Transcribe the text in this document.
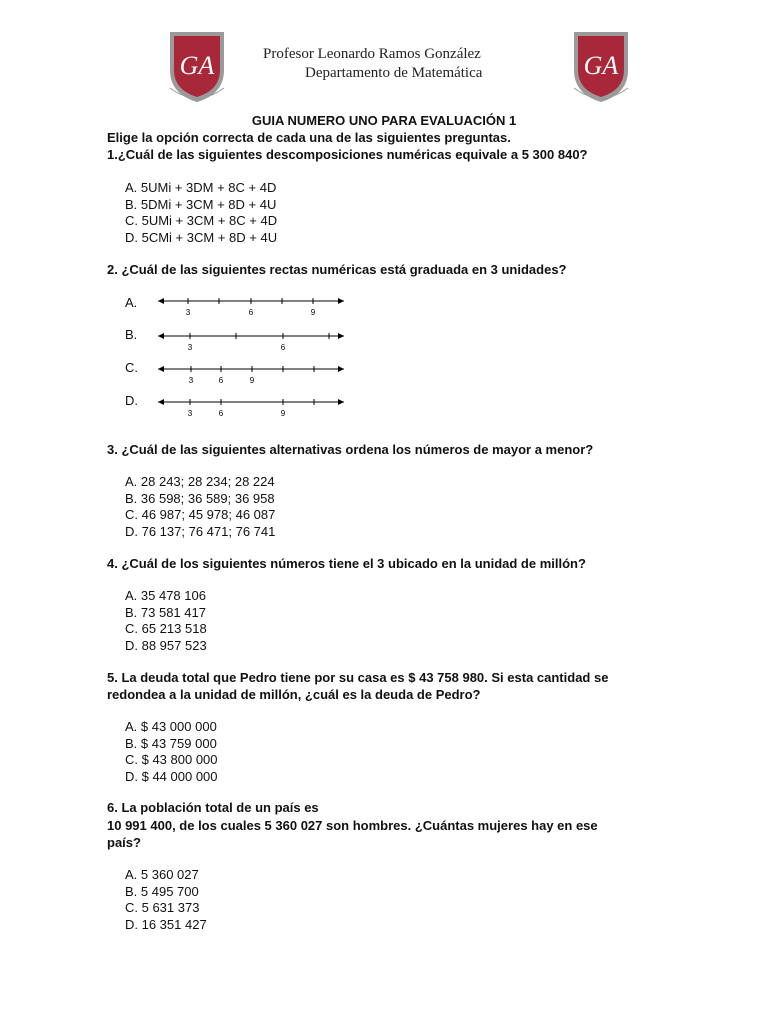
GA	GA
Profesor Leonardo Ramos González
Departamento de Matemática
GUIA NUMERO UNO PARA EVALUACIÓN 1
Elige la opción correcta de cada una de las siguientes preguntas.
1.¿Cuál de las siguientes descomposiciones numéricas equivale a 5 300 840?
A. 5UMi + 3DM + 8C + 4D
B. 5DMi + 3CM + 8D + 4U
C. 5UMi + 3CM + 8C + 4D
D. 5CMi + 3CM + 8D + 4U
2. ¿Cuál de las siguientes rectas numéricas está graduada en 3 unidades?
A.
3	6	9
B.
3	6
C.
3	6	9
D.
3	6	9
3. ¿Cuál de las siguientes alternativas ordena los números de mayor a menor?
A. 28 243; 28 234; 28 224
B. 36 598; 36 589; 36 958
C. 46 987; 45 978; 46 087
D. 76 137; 76 471; 76 741
4. ¿Cuál de los siguientes números tiene el 3 ubicado en la unidad de millón?
A. 35 478 106
B. 73 581 417
C. 65 213 518
D. 88 957 523
5. La deuda total que Pedro tiene por su casa es $ 43 758 980. Si esta cantidad se
redondea a la unidad de millón, ¿cuál es la deuda de Pedro?
A. $ 43 000 000
B. $ 43 759 000
C. $ 43 800 000
D. $ 44 000 000
6. La población total de un país es
10 991 400, de los cuales 5 360 027 son hombres. ¿Cuántas mujeres hay en ese
país?
A. 5 360 027
B. 5 495 700
C. 5 631 373
D. 16 351 427
